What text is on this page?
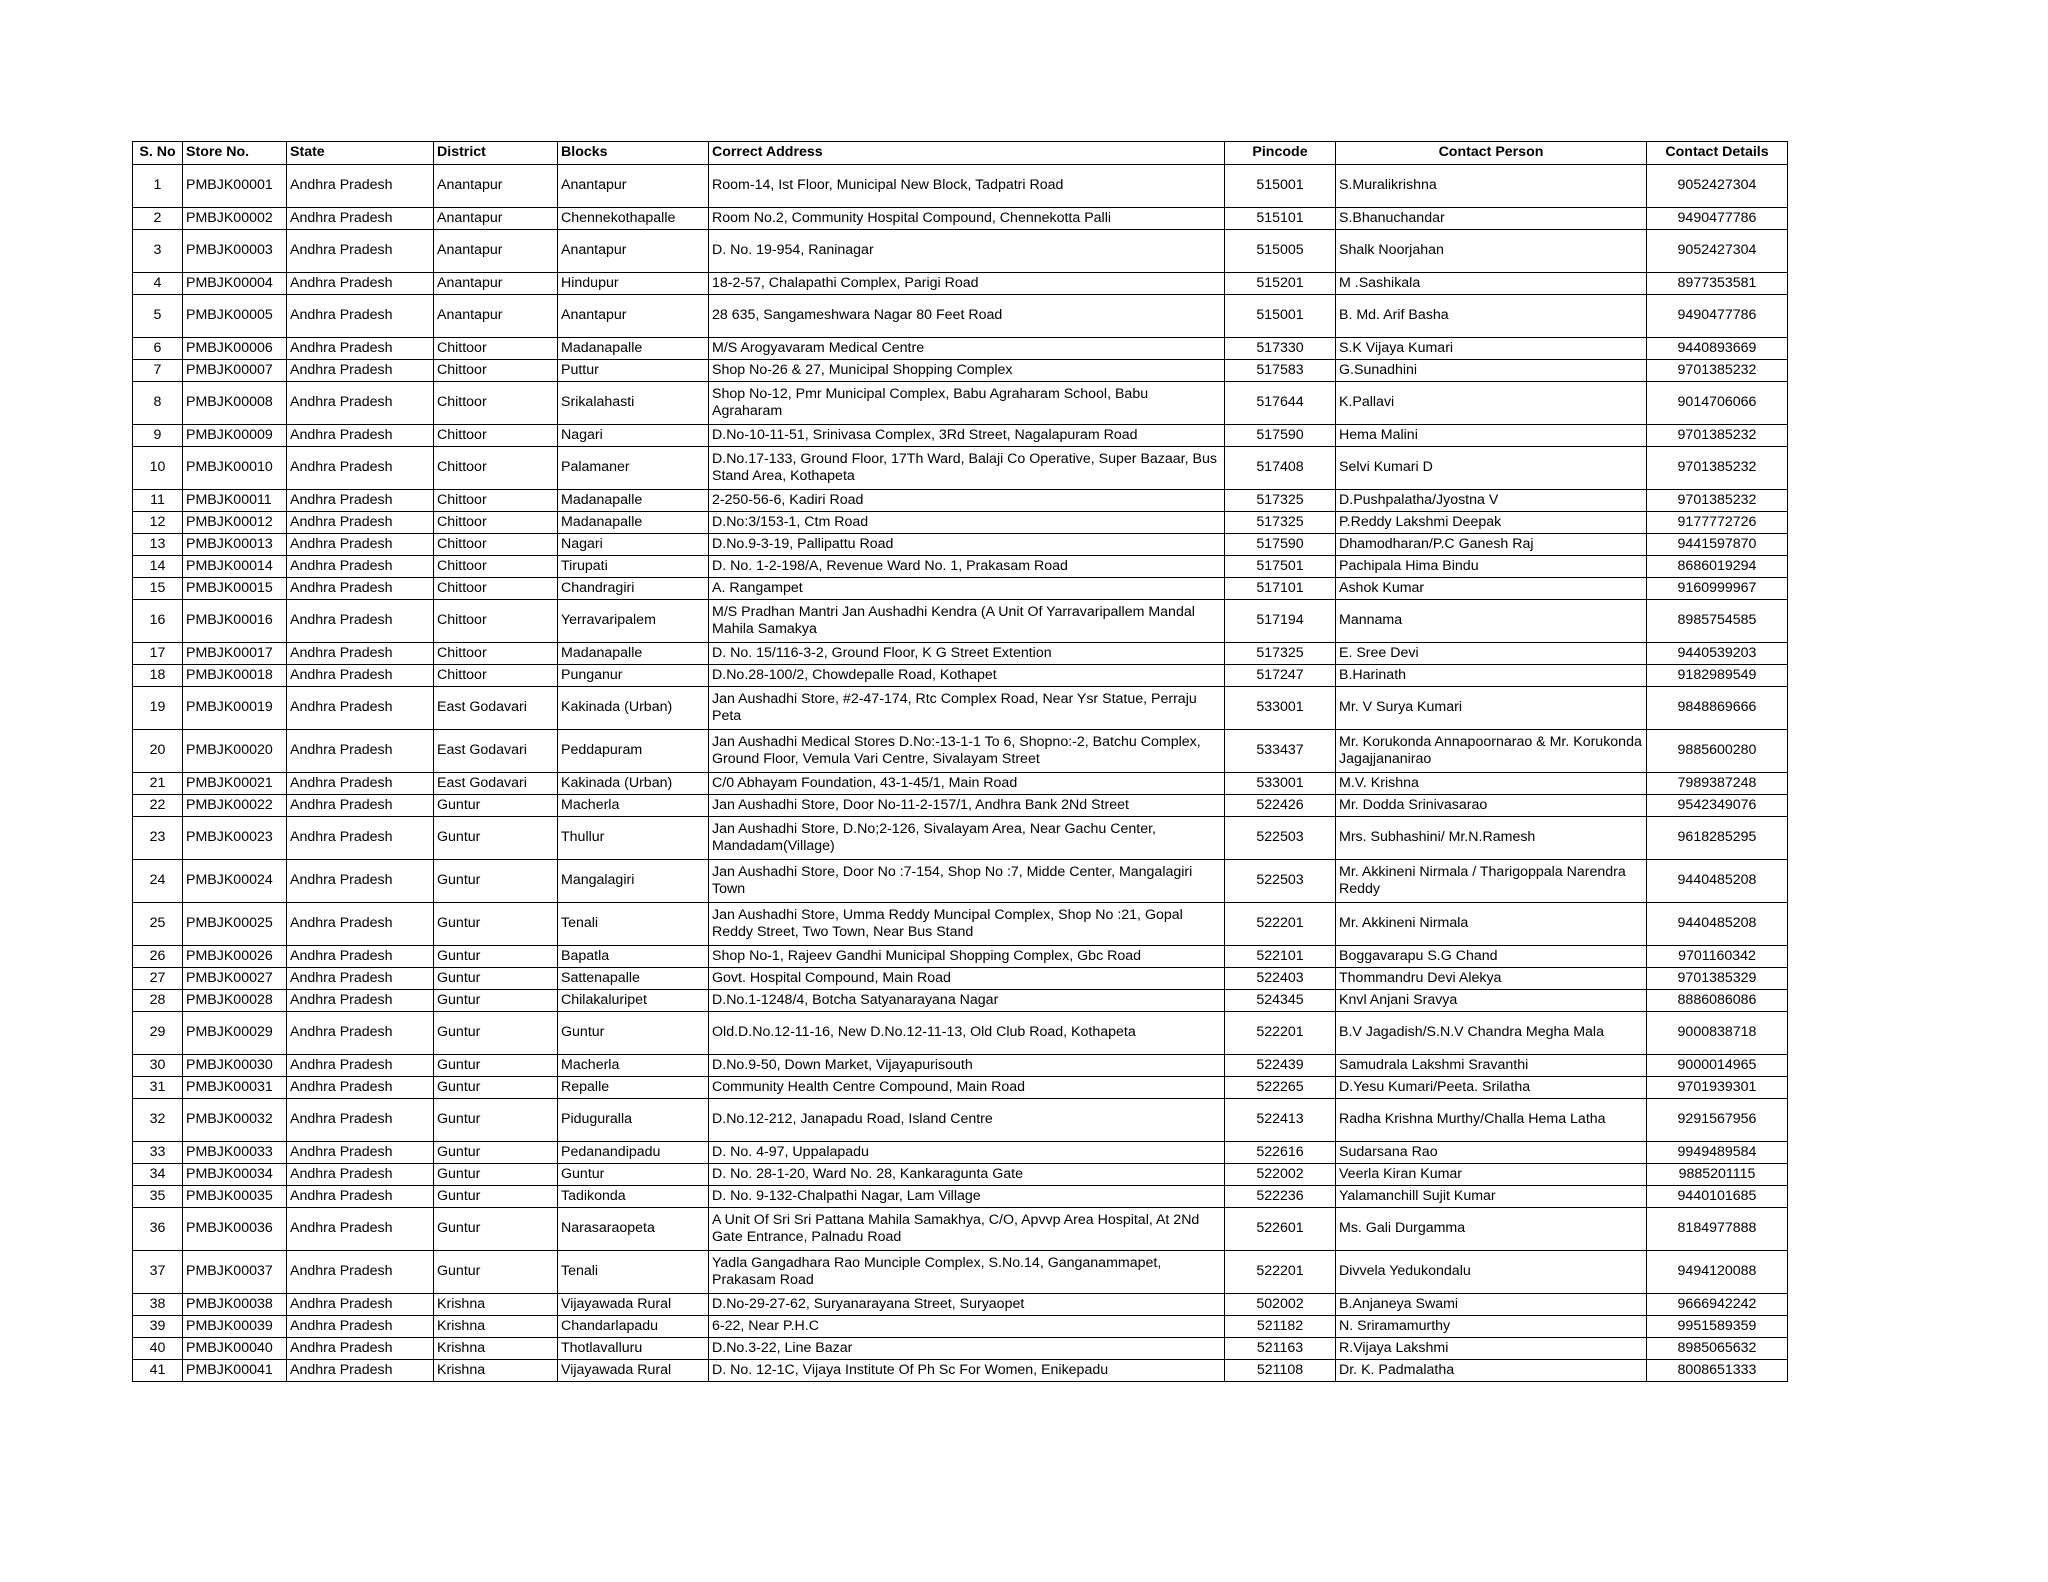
S. No	Store No.	State	District	Blocks	Correct Address	Pincode	Contact Person	Contact Details
1	PMBJK00001	Andhra Pradesh	Anantapur	Anantapur	Room-14, Ist Floor, Municipal New Block, Tadpatri Road	515001	S.Muralikrishna	9052427304
2	PMBJK00002	Andhra Pradesh	Anantapur	Chennekothapalle	Room No.2, Community Hospital Compound, Chennekotta Palli	515101	S.Bhanuchandar	9490477786
3	PMBJK00003	Andhra Pradesh	Anantapur	Anantapur	D. No. 19-954, Raninagar	515005	Shalk Noorjahan	9052427304
4	PMBJK00004	Andhra Pradesh	Anantapur	Hindupur	18-2-57, Chalapathi Complex, Parigi Road	515201	M .Sashikala	8977353581
5	PMBJK00005	Andhra Pradesh	Anantapur	Anantapur	28 635, Sangameshwara Nagar 80 Feet Road	515001	B. Md. Arif Basha	9490477786
6	PMBJK00006	Andhra Pradesh	Chittoor	Madanapalle	M/S Arogyavaram Medical Centre	517330	S.K Vijaya Kumari	9440893669
7	PMBJK00007	Andhra Pradesh	Chittoor	Puttur	Shop No-26 & 27, Municipal Shopping Complex	517583	G.Sunadhini	9701385232
8	PMBJK00008	Andhra Pradesh	Chittoor	Srikalahasti	Shop No-12, Pmr Municipal Complex, Babu Agraharam School, Babu Agraharam	517644	K.Pallavi	9014706066
9	PMBJK00009	Andhra Pradesh	Chittoor	Nagari	D.No-10-11-51, Srinivasa Complex, 3Rd Street, Nagalapuram Road	517590	Hema Malini	9701385232
10	PMBJK00010	Andhra Pradesh	Chittoor	Palamaner	D.No.17-133, Ground Floor, 17Th Ward, Balaji Co Operative, Super Bazaar, Bus Stand Area, Kothapeta	517408	Selvi Kumari D	9701385232
11	PMBJK00011	Andhra Pradesh	Chittoor	Madanapalle	2-250-56-6, Kadiri Road	517325	D.Pushpalatha/Jyostna V	9701385232
12	PMBJK00012	Andhra Pradesh	Chittoor	Madanapalle	D.No:3/153-1, Ctm Road	517325	P.Reddy Lakshmi Deepak	9177772726
13	PMBJK00013	Andhra Pradesh	Chittoor	Nagari	D.No.9-3-19, Pallipattu Road	517590	Dhamodharan/P.C Ganesh Raj	9441597870
14	PMBJK00014	Andhra Pradesh	Chittoor	Tirupati	D. No. 1-2-198/A, Revenue Ward No. 1, Prakasam Road	517501	Pachipala Hima Bindu	8686019294
15	PMBJK00015	Andhra Pradesh	Chittoor	Chandragiri	A. Rangampet	517101	Ashok Kumar	9160999967
16	PMBJK00016	Andhra Pradesh	Chittoor	Yerravaripalem	M/S Pradhan Mantri Jan Aushadhi Kendra (A Unit Of Yarravaripallem Mandal Mahila Samakya	517194	Mannama	8985754585
17	PMBJK00017	Andhra Pradesh	Chittoor	Madanapalle	D. No. 15/116-3-2, Ground Floor, K G Street Extention	517325	E. Sree Devi	9440539203
18	PMBJK00018	Andhra Pradesh	Chittoor	Punganur	D.No.28-100/2, Chowdepalle Road, Kothapet	517247	B.Harinath	9182989549
19	PMBJK00019	Andhra Pradesh	East Godavari	Kakinada (Urban)	Jan Aushadhi Store, #2-47-174, Rtc Complex Road, Near Ysr Statue, Perraju Peta	533001	Mr. V Surya Kumari	9848869666
20	PMBJK00020	Andhra Pradesh	East Godavari	Peddapuram	Jan Aushadhi Medical Stores D.No:-13-1-1 To 6, Shopno:-2, Batchu Complex, Ground Floor, Vemula Vari Centre, Sivalayam Street	533437	Mr. Korukonda Annapoornarao & Mr. Korukonda Jagajjananirao	9885600280
21	PMBJK00021	Andhra Pradesh	East Godavari	Kakinada (Urban)	C/0 Abhayam Foundation, 43-1-45/1, Main Road	533001	M.V. Krishna	7989387248
22	PMBJK00022	Andhra Pradesh	Guntur	Macherla	Jan Aushadhi Store, Door No-11-2-157/1, Andhra Bank 2Nd Street	522426	Mr. Dodda Srinivasarao	9542349076
23	PMBJK00023	Andhra Pradesh	Guntur	Thullur	Jan Aushadhi Store, D.No;2-126, Sivalayam Area, Near Gachu Center, Mandadam(Village)	522503	Mrs. Subhashini/ Mr.N.Ramesh	9618285295
24	PMBJK00024	Andhra Pradesh	Guntur	Mangalagiri	Jan Aushadhi Store, Door No :7-154, Shop No :7, Midde Center, Mangalagiri Town	522503	Mr. Akkineni Nirmala / Tharigoppala Narendra Reddy	9440485208
25	PMBJK00025	Andhra Pradesh	Guntur	Tenali	Jan Aushadhi Store, Umma Reddy Muncipal Complex, Shop No :21, Gopal Reddy Street, Two Town, Near Bus Stand	522201	Mr. Akkineni Nirmala	9440485208
26	PMBJK00026	Andhra Pradesh	Guntur	Bapatla	Shop No-1, Rajeev Gandhi Municipal Shopping Complex, Gbc Road	522101	Boggavarapu S.G Chand	9701160342
27	PMBJK00027	Andhra Pradesh	Guntur	Sattenapalle	Govt. Hospital Compound, Main Road	522403	Thommandru Devi Alekya	9701385329
28	PMBJK00028	Andhra Pradesh	Guntur	Chilakaluripet	D.No.1-1248/4, Botcha Satyanarayana Nagar	524345	Knvl Anjani Sravya	8886086086
29	PMBJK00029	Andhra Pradesh	Guntur	Guntur	Old.D.No.12-11-16, New D.No.12-11-13, Old Club Road, Kothapeta	522201	B.V Jagadish/S.N.V Chandra Megha Mala	9000838718
30	PMBJK00030	Andhra Pradesh	Guntur	Macherla	D.No.9-50, Down Market, Vijayapurisouth	522439	Samudrala Lakshmi Sravanthi	9000014965
31	PMBJK00031	Andhra Pradesh	Guntur	Repalle	Community Health Centre Compound, Main Road	522265	D.Yesu Kumari/Peeta. Srilatha	9701939301
32	PMBJK00032	Andhra Pradesh	Guntur	Piduguralla	D.No.12-212, Janapadu Road, Island Centre	522413	Radha Krishna Murthy/Challa Hema Latha	9291567956
33	PMBJK00033	Andhra Pradesh	Guntur	Pedanandipadu	D. No. 4-97, Uppalapadu	522616	Sudarsana Rao	9949489584
34	PMBJK00034	Andhra Pradesh	Guntur	Guntur	D. No. 28-1-20, Ward No. 28, Kankaragunta Gate	522002	Veerla Kiran Kumar	9885201115
35	PMBJK00035	Andhra Pradesh	Guntur	Tadikonda	D. No. 9-132-Chalpathi Nagar, Lam Village	522236	Yalamanchill Sujit Kumar	9440101685
36	PMBJK00036	Andhra Pradesh	Guntur	Narasaraopeta	A Unit Of Sri Sri Pattana Mahila Samakhya, C/O, Apvvp Area Hospital, At 2Nd Gate Entrance, Palnadu Road	522601	Ms. Gali Durgamma	8184977888
37	PMBJK00037	Andhra Pradesh	Guntur	Tenali	Yadla Gangadhara Rao Munciple Complex, S.No.14, Ganganammapet, Prakasam Road	522201	Divvela Yedukondalu	9494120088
38	PMBJK00038	Andhra Pradesh	Krishna	Vijayawada Rural	D.No-29-27-62, Suryanarayana Street, Suryaopet	502002	B.Anjaneya Swami	9666942242
39	PMBJK00039	Andhra Pradesh	Krishna	Chandarlapadu	6-22, Near P.H.C	521182	N. Sriramamurthy	9951589359
40	PMBJK00040	Andhra Pradesh	Krishna	Thotlavalluru	D.No.3-22, Line Bazar	521163	R.Vijaya Lakshmi	8985065632
41	PMBJK00041	Andhra Pradesh	Krishna	Vijayawada Rural	D. No. 12-1C, Vijaya Institute Of Ph Sc For Women, Enikepadu	521108	Dr. K. Padmalatha	8008651333
